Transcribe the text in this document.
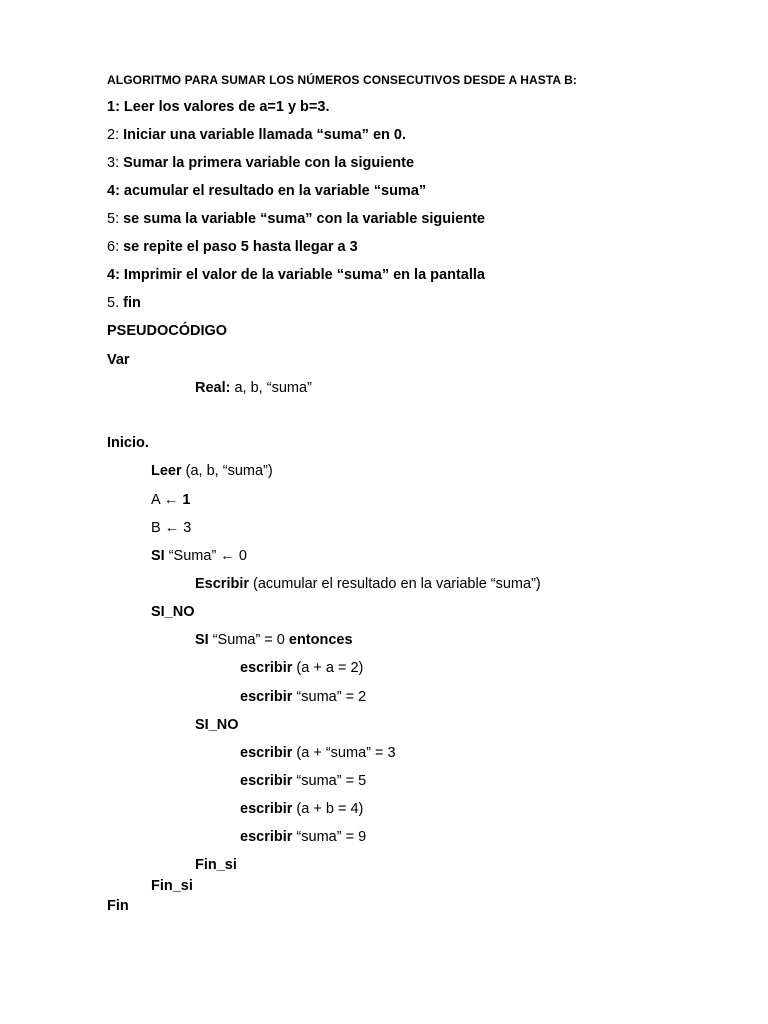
ALGORITMO PARA SUMAR LOS NÚMEROS CONSECUTIVOS DESDE A HASTA B:
1: Leer los valores de a=1 y b=3.
2: Iniciar una variable llamada “suma” en 0.
3: Sumar la primera variable con la siguiente
4: acumular el resultado en la variable “suma”
5: se suma la variable “suma” con la variable siguiente
6: se repite el paso 5 hasta llegar a 3
4: Imprimir el valor de la variable “suma” en la pantalla
5. fin
PSEUDOCÓDIGO
Var
Real: a, b, “suma”
Inicio.
Leer (a, b, “suma”)
A ← 1
B ← 3
SI “Suma” ← 0
Escribir (acumular el resultado en la variable “suma”)
SI_NO
SI “Suma” = 0 entonces
escribir (a + a = 2)
escribir “suma” = 2
SI_NO
escribir (a + “suma” = 3
escribir “suma” = 5
escribir (a + b = 4)
escribir “suma” = 9
Fin_si
Fin_si
Fin
